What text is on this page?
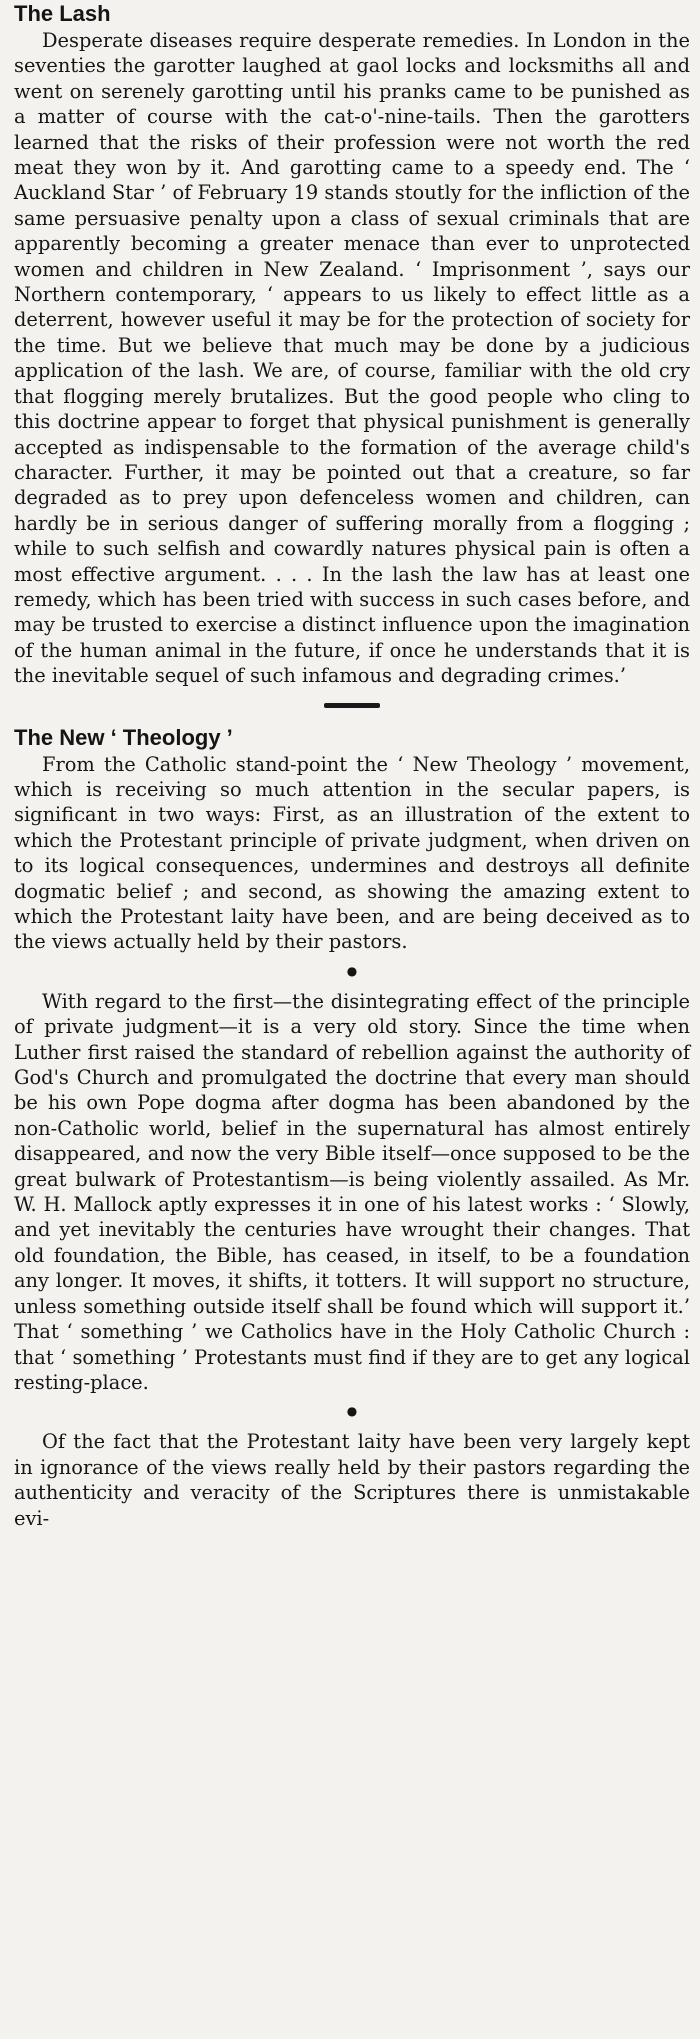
The Lash

Desperate diseases require desperate remedies. In London in the seventies the garotter laughed at gaol locks and locksmiths all and went on serenely garotting until his pranks came to be punished as a matter of course with the cat-o'-nine-tails. Then the garotters learned that the risks of their profession were not worth the red meat they won by it. And garotting came to a speedy end. The ‘ Auckland Star ’ of February 19 stands stoutly for the infliction of the same persuasive penalty upon a class of sexual criminals that are apparently becoming a greater menace than ever to unprotected women and children in New Zealand. ‘ Imprisonment ’, says our Northern contemporary, ‘ appears to us likely to effect little as a deterrent, however useful it may be for the protection of society for the time. But we believe that much may be done by a judicious application of the lash. We are, of course, familiar with the old cry that flogging merely brutalizes. But the good people who cling to this doctrine appear to forget that physical punishment is generally accepted as indispensable to the formation of the average child's character. Further, it may be pointed out that a creature, so far degraded as to prey upon defenceless women and children, can hardly be in serious danger of suffering morally from a flogging ; while to such selfish and cowardly natures physical pain is often a most effective argument. . . . In the lash the law has at least one remedy, which has been tried with success in such cases before, and may be trusted to exercise a distinct influence upon the imagination of the human animal in the future, if once he understands that it is the inevitable sequel of such infamous and degrading crimes.’

The New ‘ Theology ’

From the Catholic stand-point the ‘ New Theology ’ movement, which is receiving so much attention in the secular papers, is significant in two ways: First, as an illustration of the extent to which the Protestant principle of private judgment, when driven on to its logical consequences, undermines and destroys all definite dogmatic belief ; and second, as showing the amazing extent to which the Protestant laity have been, and are being deceived as to the views actually held by their pastors.

●

With regard to the first—the disintegrating effect of the principle of private judgment—it is a very old story. Since the time when Luther first raised the standard of rebellion against the authority of God's Church and promulgated the doctrine that every man should be his own Pope dogma after dogma has been abandoned by the non-Catholic world, belief in the supernatural has almost entirely disappeared, and now the very Bible itself—once supposed to be the great bulwark of Protestantism—is being violently assailed. As Mr. W. H. Mallock aptly expresses it in one of his latest works : ‘ Slowly, and yet inevitably the centuries have wrought their changes. That old foundation, the Bible, has ceased, in itself, to be a foundation any longer. It moves, it shifts, it totters. It will support no structure, unless something outside itself shall be found which will support it.’ That ‘ something ’ we Catholics have in the Holy Catholic Church : that ‘ something ’ Protestants must find if they are to get any logical resting-place.

●

Of the fact that the Protestant laity have been very largely kept in ignorance of the views really held by their pastors regarding the authenticity and veracity of the Scriptures there is unmistakable evi-
